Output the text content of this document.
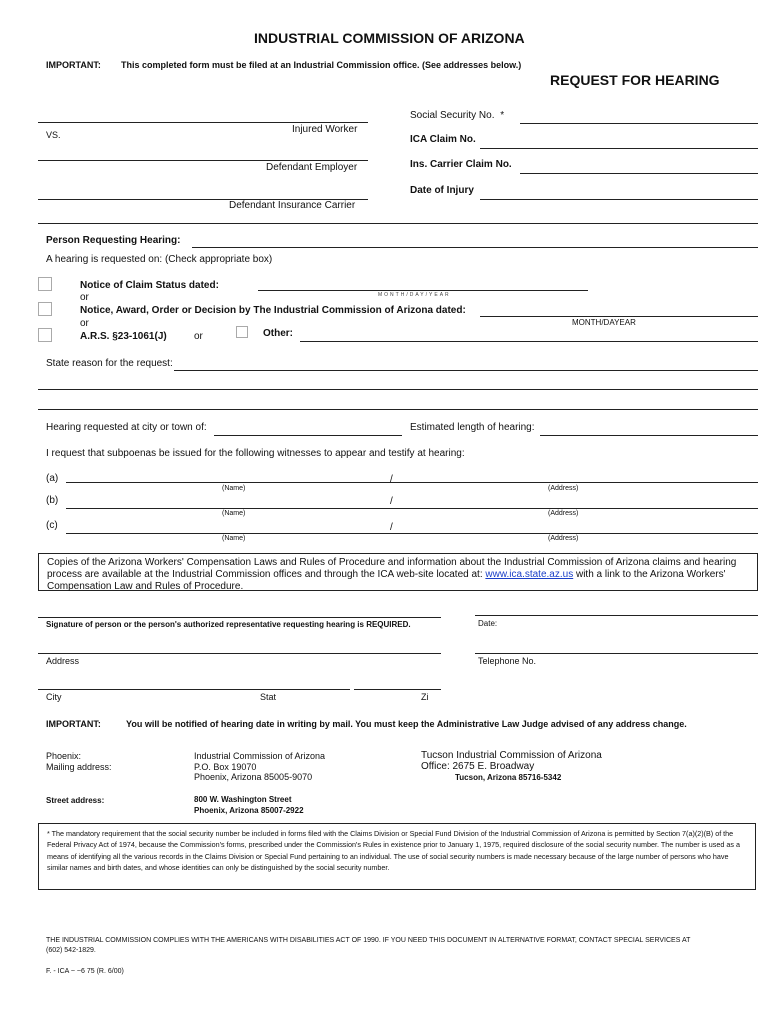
INDUSTRIAL COMMISSION OF ARIZONA
IMPORTANT: This completed form must be filed at an Industrial Commission office. (See addresses below.)
REQUEST FOR HEARING
VS.	Injured Worker
Defendant Employer
Defendant Insurance Carrier
Social Security No. *
ICA Claim No.
Ins. Carrier Claim No.
Date of Injury
Person Requesting Hearing:
A hearing is requested on: (Check appropriate box)
Notice of Claim Status dated:
MONTH/DAY/YEAR
or
Notice, Award, Order or Decision by The Industrial Commission of Arizona dated:
or	MONTH/DAYEAR
A.R.S. §23-1061(J)	or	Other:
State reason for the request:
Hearing requested at city or town of:	Estimated length of hearing:
I request that subpoenas be issued for the following witnesses to appear and testify at hearing:
(a)	/
(Name)	(Address)
(b)	/
(Name)	(Address)
(c)	/
(Name)	(Address)
Copies of the Arizona Workers' Compensation Laws and Rules of Procedure and information about the Industrial Commission of Arizona claims and hearing process are available at the Industrial Commission offices and through the ICA web-site located at: www.ica.state.az.us with a link to the Arizona Workers' Compensation Law and Rules of Procedure.
Signature of person or the person's authorized representative requesting hearing is REQUIRED.	Date:
Address	Telephone No.
City	Stat	Zi
IMPORTANT:	You will be notified of hearing date in writing by mail. You must keep the Administrative Law Judge advised of any address change.
Phoenix:
Mailing address:
Industrial Commission of Arizona
P.O. Box 19070
Phoenix, Arizona 85005-9070
Tucson Industrial Commission of Arizona
Office: 2675 E. Broadway
Tucson, Arizona 85716-5342
Street address:	800 W. Washington Street
Phoenix, Arizona 85007-2922
* The mandatory requirement that the social security number be included in forms filed with the Claims Division or Special Fund Division of the Industrial Commission of Arizona is permitted by Section 7(a)(2)(B) of the Federal Privacy Act of 1974, because the Commission's forms, prescribed under the Commission's Rules in existence prior to January 1, 1975, required disclosure of the social security number. The number is used as a means of identifying all the various records in the Claims Division or Special Fund pertaining to an individual. The use of social security numbers is made necessary because of the large number of persons who have similar names and birth dates, and whose identities can only be distinguished by the social security number.
THE INDUSTRIAL COMMISSION COMPLIES WITH THE AMERICANS WITH DISABILITIES ACT OF 1990. IF YOU NEED THIS DOCUMENT IN ALTERNATIVE FORMAT, CONTACT SPECIAL SERVICES AT (602) 542-1829.
F. - ICA ~ ~6 75 (R. 6/00)
